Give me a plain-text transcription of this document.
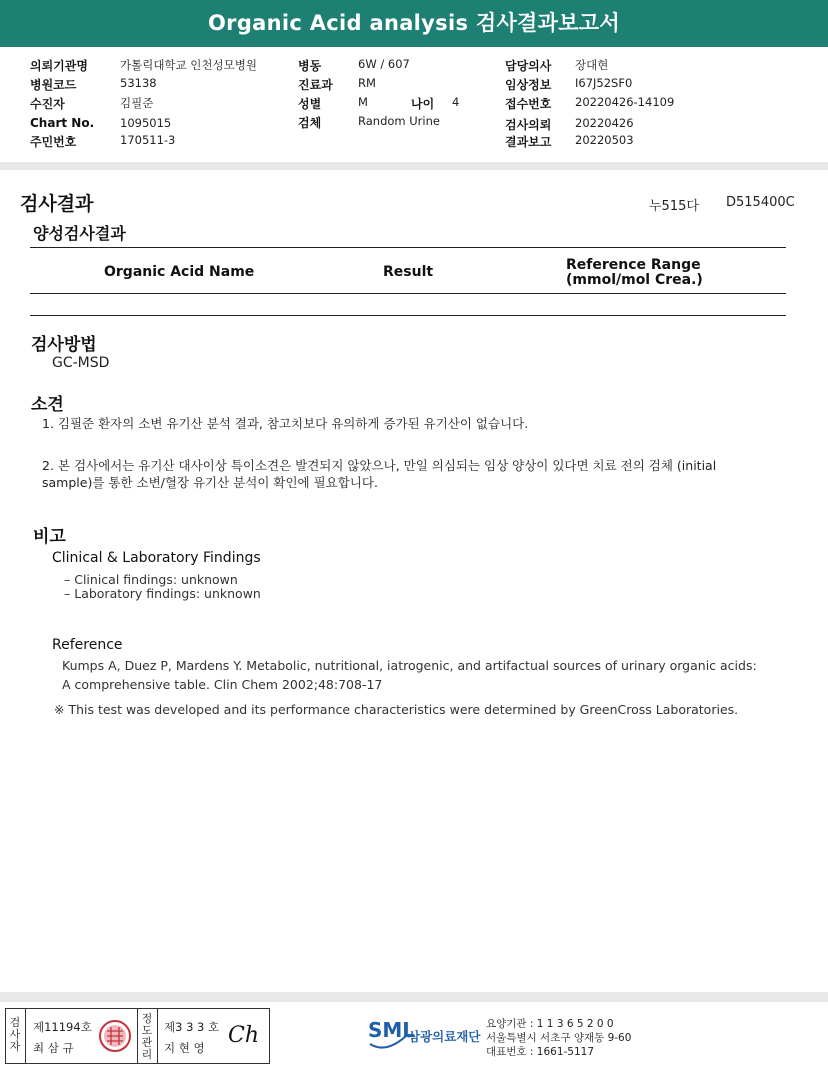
Organic Acid analysis 검사결과보고서
의뢰기관명	가톨릭대학교 인천성모병원
병원코드	53138
수진자	김필준
Chart No. 1095015
주민번호	170511-3
병동	6W / 607
진료과 RM
성별	M	나이 4
검체	Random Urine
담당의사 장대현
임상정보 I67J52SF0
접수번호 20220426-14109
검사의뢰 20220426
결과보고 20220503
검사결과	누515다 D515400C
양성검사결과
Organic Acid Name	Result	Reference Range
(mmol/mol Crea.)
검사방법
GC-MSD
소견
1. 김필준 환자의 소변 유기산 분석 결과, 참고치보다 유의하게 증가된 유기산이 없습니다.
2. 본 검사에서는 유기산 대사이상 특이소견은 발견되지 않았으나, 만일 의심되는 임상 양상이 있다면 치료 전의 검체 (initial
sample)를 통한 소변/혈장 유기산 분석이 확인에 필요합니다.
비고
Clinical & Laboratory Findings
– Clinical findings: unknown
– Laboratory findings: unknown
Reference
Kumps A, Duez P, Mardens Y. Metabolic, nutritional, iatrogenic, and artifactual sources of urinary organic acids:
A comprehensive table. Clin Chem 2002;48:708-17
※ This test was developed and its performance characteristics were determined by GreenCross Laboratories.
검
사
자
제11194호
최 삼 규
정
도
관
리
제3 3 3 호
지 현 영 Ch	SML
삼광의료재단
요양기관 : 1 1 3 6 5 2 0 0
서울특별시 서초구 양재동 9-60
대표번호 : 1661-5117
